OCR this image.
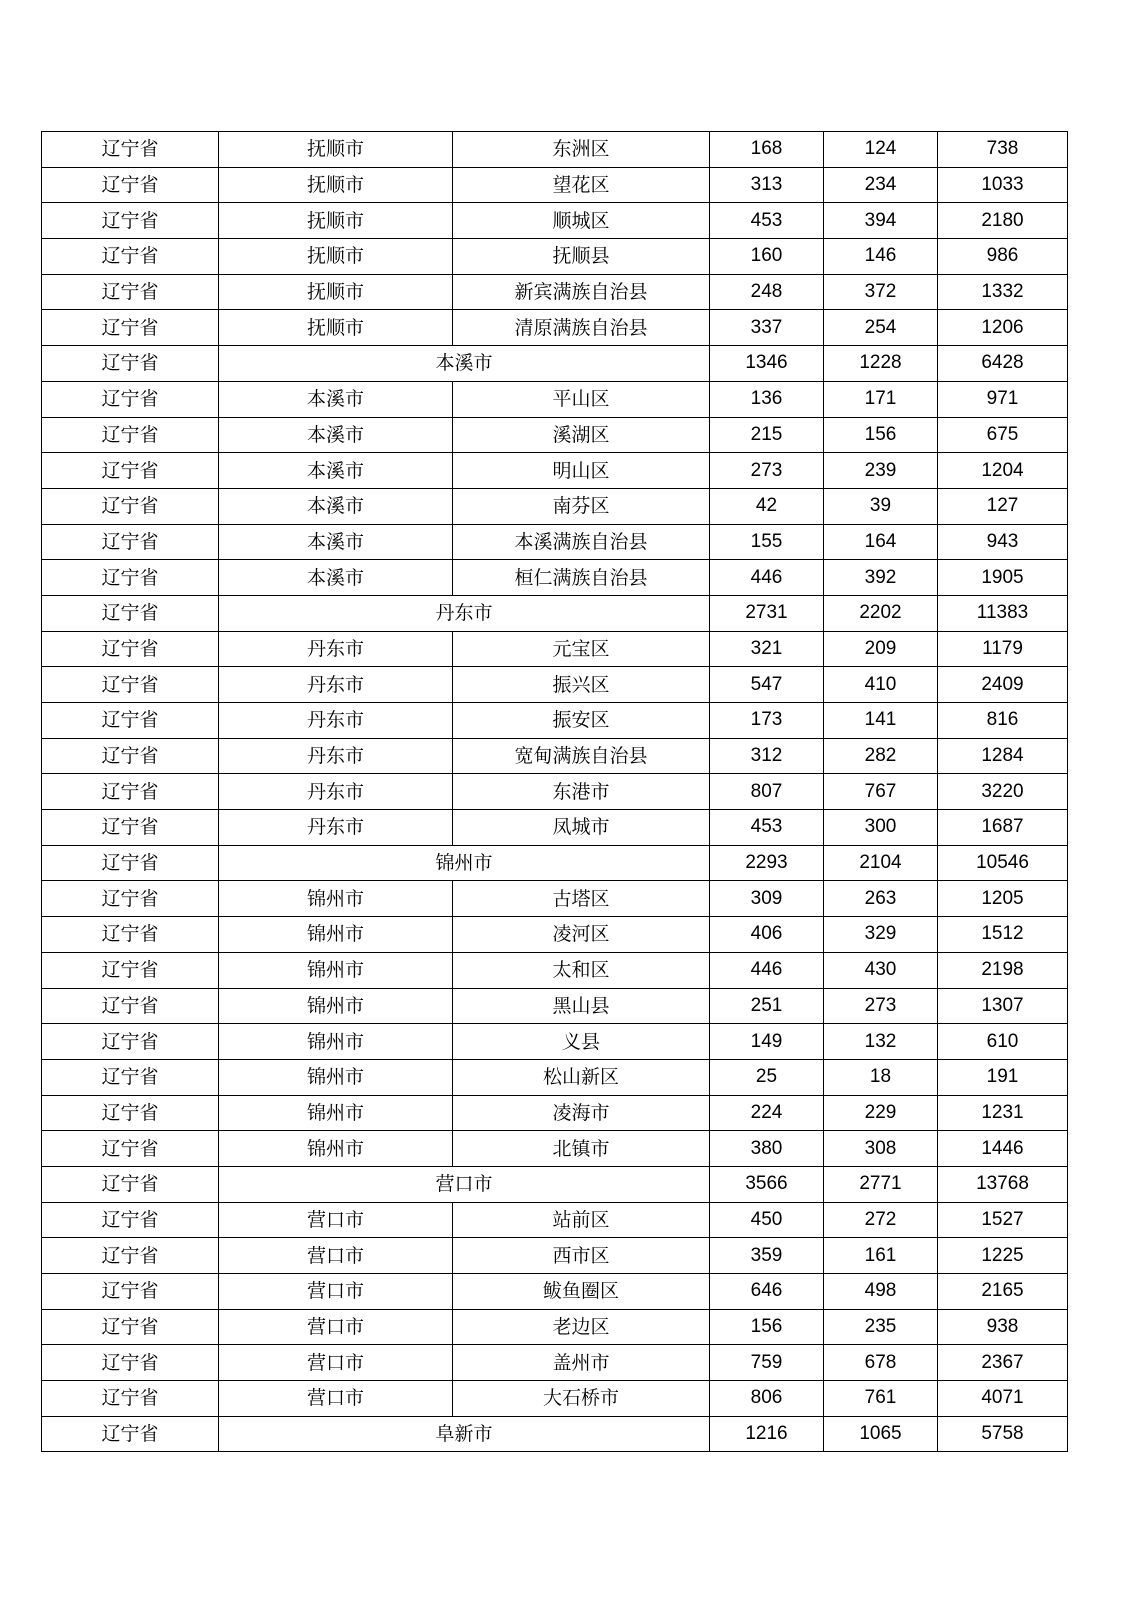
辽宁省	抚顺市	东洲区	168	124	738
辽宁省	抚顺市	望花区	313	234	1033
辽宁省	抚顺市	顺城区	453	394	2180
辽宁省	抚顺市	抚顺县	160	146	986
辽宁省	抚顺市	新宾满族自治县	248	372	1332
辽宁省	抚顺市	清原满族自治县	337	254	1206
辽宁省	本溪市		1346	1228	6428
辽宁省	本溪市	平山区	136	171	971
辽宁省	本溪市	溪湖区	215	156	675
辽宁省	本溪市	明山区	273	239	1204
辽宁省	本溪市	南芬区	42	39	127
辽宁省	本溪市	本溪满族自治县	155	164	943
辽宁省	本溪市	桓仁满族自治县	446	392	1905
辽宁省	丹东市		2731	2202	11383
辽宁省	丹东市	元宝区	321	209	1179
辽宁省	丹东市	振兴区	547	410	2409
辽宁省	丹东市	振安区	173	141	816
辽宁省	丹东市	宽甸满族自治县	312	282	1284
辽宁省	丹东市	东港市	807	767	3220
辽宁省	丹东市	凤城市	453	300	1687
辽宁省	锦州市		2293	2104	10546
辽宁省	锦州市	古塔区	309	263	1205
辽宁省	锦州市	凌河区	406	329	1512
辽宁省	锦州市	太和区	446	430	2198
辽宁省	锦州市	黑山县	251	273	1307
辽宁省	锦州市	义县	149	132	610
辽宁省	锦州市	松山新区	25	18	191
辽宁省	锦州市	凌海市	224	229	1231
辽宁省	锦州市	北镇市	380	308	1446
辽宁省	营口市		3566	2771	13768
辽宁省	营口市	站前区	450	272	1527
辽宁省	营口市	西市区	359	161	1225
辽宁省	营口市	鲅鱼圈区	646	498	2165
辽宁省	营口市	老边区	156	235	938
辽宁省	营口市	盖州市	759	678	2367
辽宁省	营口市	大石桥市	806	761	4071
辽宁省	阜新市		1216	1065	5758
